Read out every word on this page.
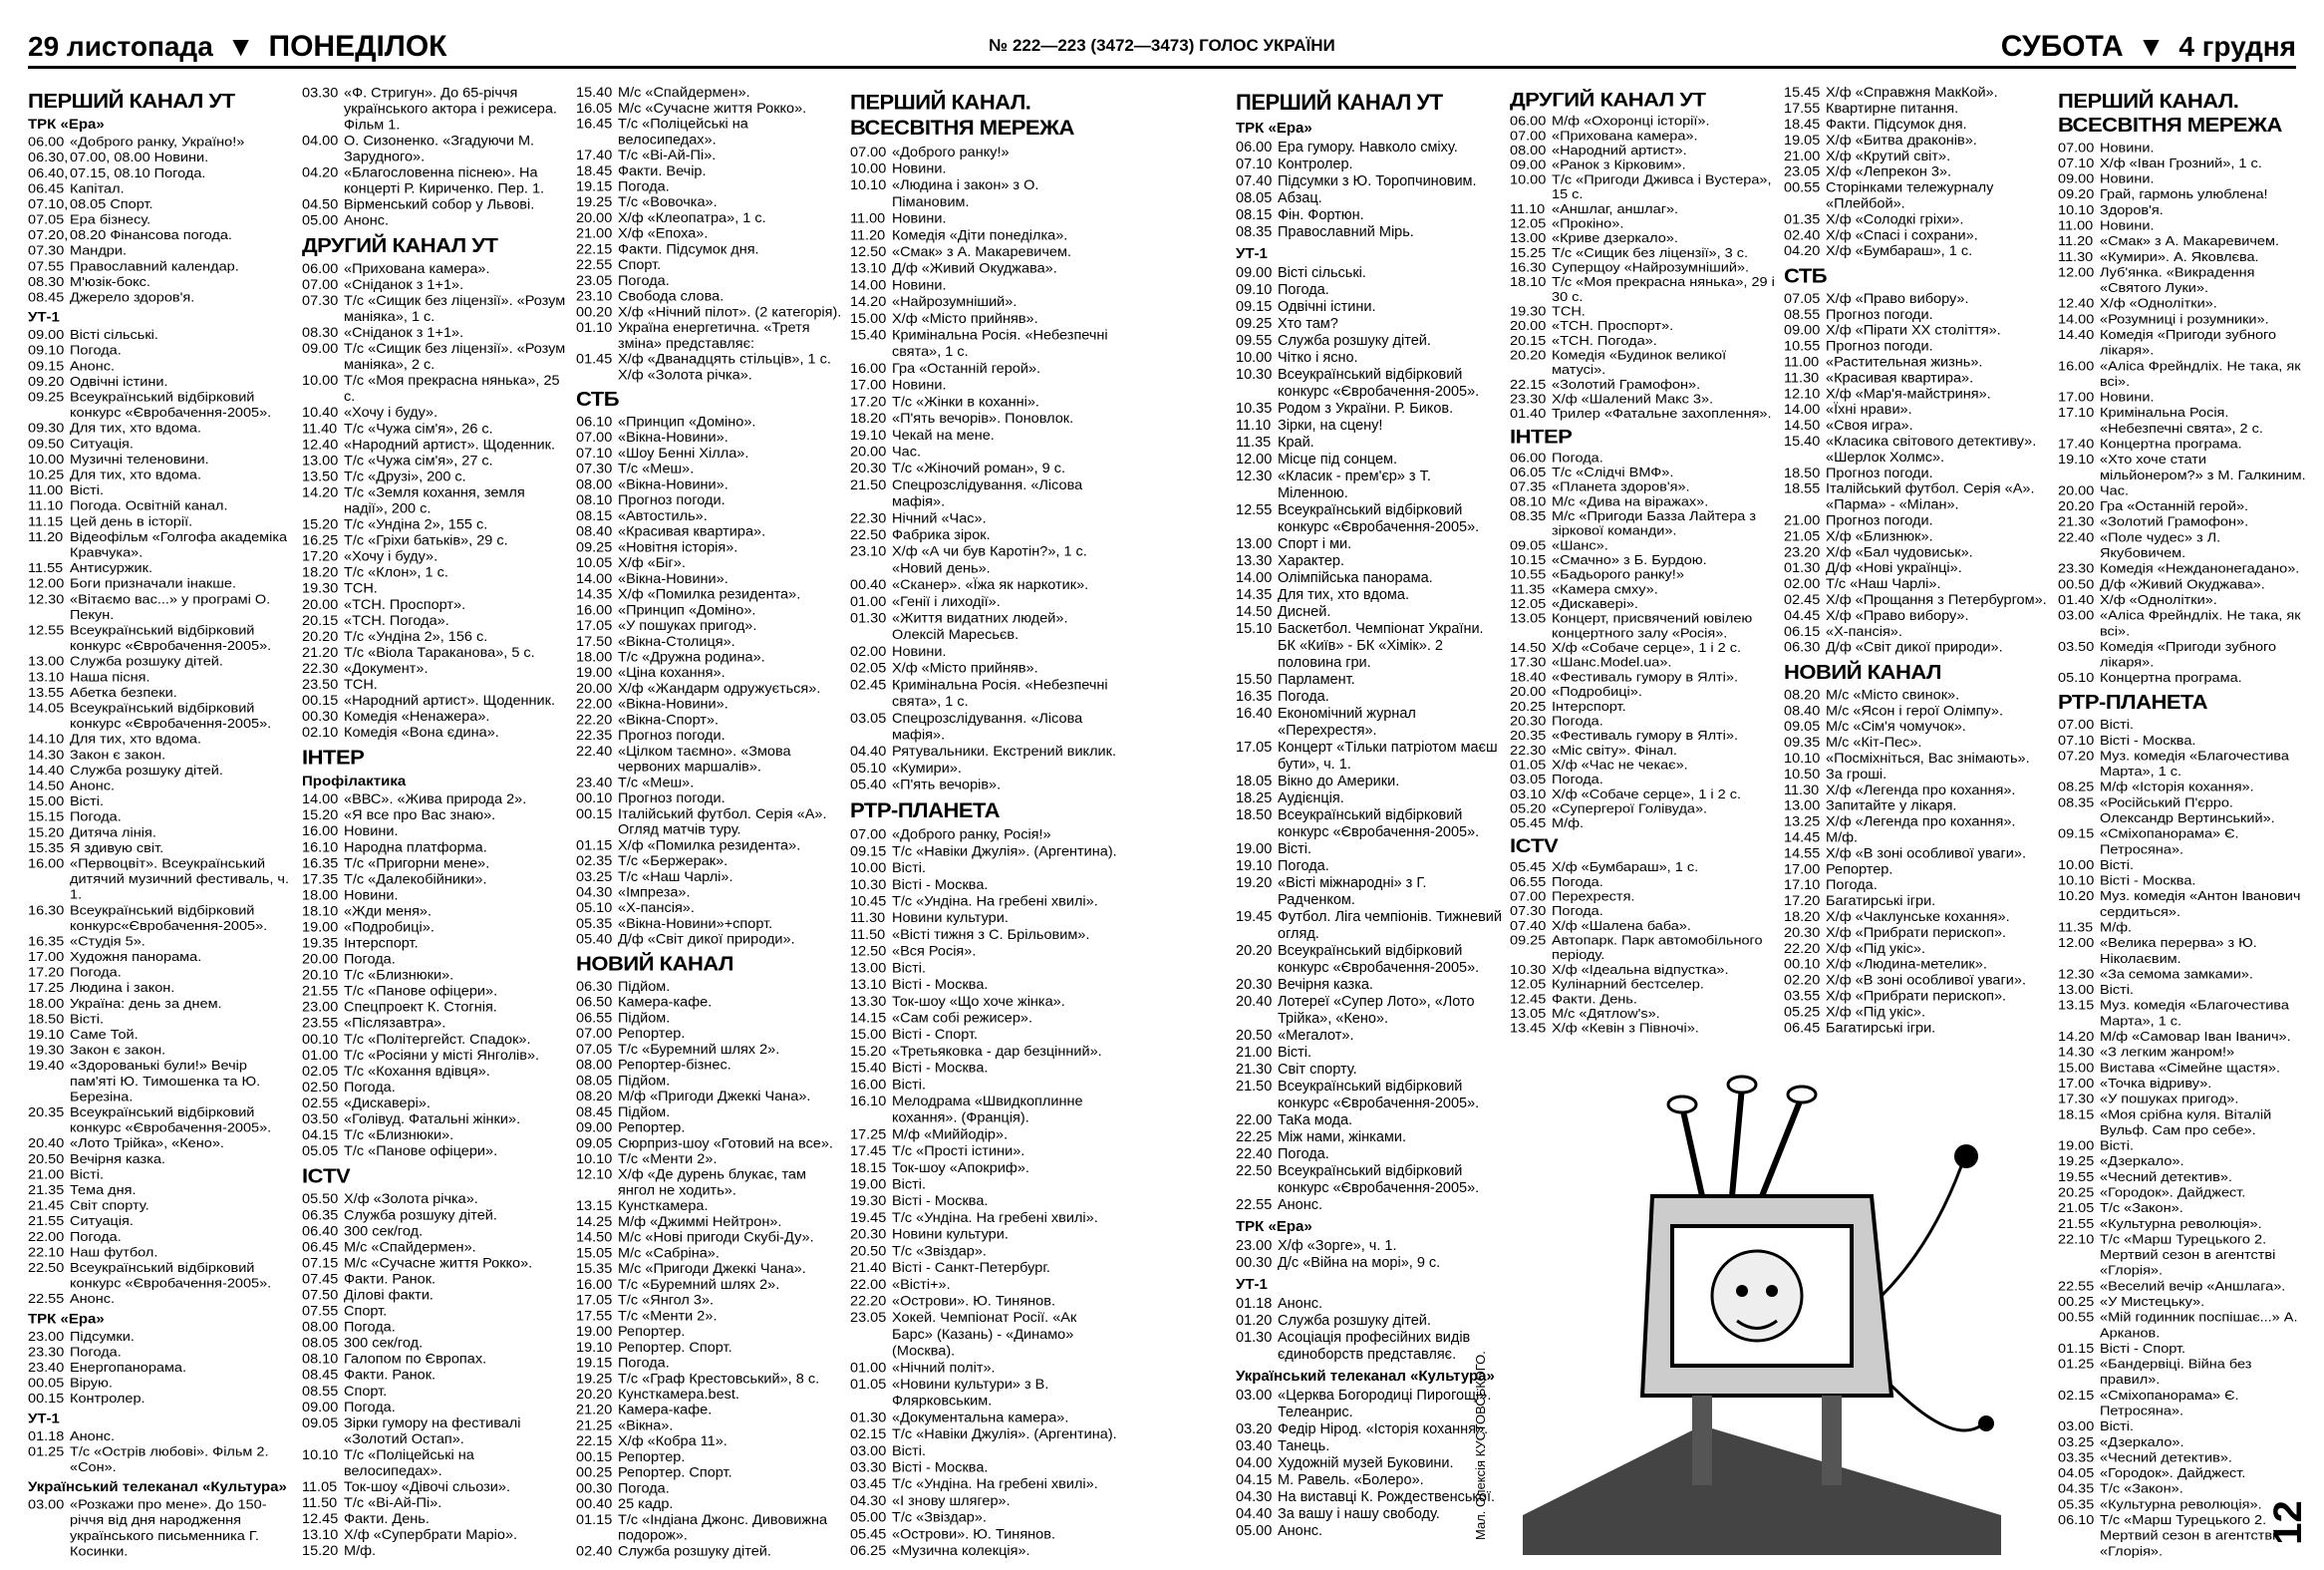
29 листопада ▼ ПОНЕДІЛОК	№ 222—223 (3472—3473) ГОЛОС УКРАЇНИ	СУБОТА ▼ 4 грудня
ПЕРШИЙ КАНАЛ УТ
ТРК «Ера»
06.00 «Доброго ранку, Україно!»
06.30, 07.00, 08.00 Новини.
06.40, 07.15, 08.10 Погода.
06.45 Капітал.
07.10, 08.05 Спорт.
07.05 Ера бізнесу.
07.20, 08.20 Фінансова погода.
07.30 Мандри.
07.55 Православний календар.
08.30 М'юзік-бокс.
08.45 Джерело здоров'я.
УТ-1
09.00 Вісті сільські.
09.10 Погода.
09.15 Анонс.
09.20 Одвічні істини.
09.25 Всеукраїнський відбірковий конкурс «Євробачення-2005».
09.30 Для тих, хто вдома.
09.50 Ситуація.
10.00 Музичні теленовини.
10.25 Для тих, хто вдома.
11.00 Вісті.
11.10 Погода. Освітній канал.
11.15 Цей день в історії.
11.20 Відеофільм «Голгофа академіка Кравчука».
11.55 Антисуржик.
12.00 Боги призначали інакше.
12.30 «Вітаємо вас...» у програмі О. Пекун.
12.55 Всеукраїнський відбірковий конкурс «Євробачення-2005».
13.00 Служба розшуку дітей.
13.10 Наша пісня.
13.55 Абетка безпеки.
14.05 Всеукраїнський відбірковий конкурс «Євробачення-2005».
14.10 Для тих, хто вдома.
14.30 Закон є закон.
14.40 Служба розшуку дітей.
14.50 Анонс.
15.00 Вісті.
15.15 Погода.
15.20 Дитяча лінія.
15.35 Я здивую світ.
16.00 «Первоцвіт». Всеукраїнський дитячий музичний фестиваль, ч. 1.
16.30 Всеукраїнський відбірковий конкурс«Євробачення-2005».
16.35 «Студія 5».
17.00 Художня панорама.
17.20 Погода.
17.25 Людина і закон.
18.00 Україна: день за днем.
18.50 Вісті.
19.10 Саме Той.
19.30 Закон є закон.
19.40 «Здорованькі були!» Вечір пам'яті Ю. Тимошенка та Ю. Березіна.
20.35 Всеукраїнський відбірковий конкурс «Євробачення-2005».
20.40 «Лото Трійка», «Кено».
20.50 Вечірня казка.
21.00 Вісті.
21.35 Тема дня.
21.45 Світ спорту.
21.55 Ситуація.
22.00 Погода.
22.10 Наш футбол.
22.50 Всеукраїнський відбірковий конкурс «Євробачення-2005».
22.55 Анонс.
ТРК «Ера»
23.00 Підсумки.
23.30 Погода.
23.40 Енергопанорама.
00.05 Вірую.
00.15 Контролер.
УТ-1
01.18 Анонс.
01.25 Т/с «Острів любові». Фільм 2. «Сон».
Український телеканал «Культура»
03.00 «Розкажи про мене». До 150-річчя від дня народження українського письменника Г. Косинки.
03.30 «Ф. Стригун». До 65-річчя українського актора і режисера. Фільм 1.
04.00 О. Сизоненко. «Згадуючи М. Зарудного».
04.20 «Благословенна піснею». На концерті Р. Кириченко. Пер. 1.
04.50 Вірменський собор у Львові.
05.00 Анонс.
ДРУГИЙ КАНАЛ УТ
06.00 «Прихована камера».
07.00 «Сніданок з 1+1».
07.30 Т/с «Сищик без ліцензії». «Розум маніяка», 1 с.
08.30 «Сніданок з 1+1».
09.00 Т/с «Сищик без ліцензії». «Розум маніяка», 2 с.
10.00 Т/с «Моя прекрасна нянька», 25 с.
10.40 «Хочу і буду».
11.40 Т/с «Чужа сім'я», 26 с.
12.40 «Народний артист». Щоденник.
13.00 Т/с «Чужа сім'я», 27 с.
13.50 Т/с «Друзі», 200 с.
14.20 Т/с «Земля кохання, земля надії», 200 с.
15.20 Т/с «Ундіна 2», 155 с.
16.25 Т/с «Гріхи батьків», 29 с.
17.20 «Хочу і буду».
18.20 Т/с «Клон», 1 с.
19.30 ТСН.
20.00 «ТСН. Проспорт».
20.15 «ТСН. Погода».
20.20 Т/с «Ундіна 2», 156 с.
21.20 Т/с «Віола Тараканова», 5 с.
22.30 «Документ».
23.50 ТСН.
00.15 «Народний артист». Щоденник.
00.30 Комедія «Ненажера».
02.10 Комедія «Вона єдина».
ІНТЕР
Профілактика
14.00 «ВВС». «Жива природа 2».
15.20 «Я все про Вас знаю».
16.00 Новини.
16.10 Народна платформа.
16.35 Т/с «Пригорни мене».
17.35 Т/с «Далекобійники».
18.00 Новини.
18.10 «Жди меня».
19.00 «Подробиці».
19.35 Інтерспорт.
20.00 Погода.
20.10 Т/с «Близнюки».
21.55 Т/с «Панове офіцери».
23.00 Спецпроект К. Стогнія.
23.55 «Післязавтра».
00.10 Т/с «Політергейст. Спадок».
01.00 Т/с «Росіяни у місті Янголів».
02.05 Т/с «Кохання вдівця».
02.50 Погода.
02.55 «Дискавері».
03.50 «Голівуд. Фатальні жінки».
04.15 Т/с «Близнюки».
05.05 Т/с «Панове офіцери».
ICTV
05.50 Х/ф «Золота річка».
06.35 Служба розшуку дітей.
06.40 300 сек/год.
06.45 М/с «Спайдермен».
07.15 М/с «Сучасне життя Рокко».
07.45 Факти. Ранок.
07.50 Ділові факти.
07.55 Спорт.
08.00 Погода.
08.05 300 сек/год.
08.10 Галопом по Європах.
08.45 Факти. Ранок.
08.55 Спорт.
09.00 Погода.
09.05 Зірки гумору на фестивалі «Золотий Остап».
10.10 Т/с «Поліцейські на велосипедах».
11.05 Ток-шоу «Дівочі сльози».
11.50 Т/с «Ві-Ай-Пі».
12.45 Факти. День.
13.10 Х/ф «Супербрати Маріо».
15.20 М/ф.
15.40 М/с «Спайдермен».
16.05 М/с «Сучасне життя Рокко».
16.45 Т/с «Поліцейські на велосипедах».
17.40 Т/с «Ві-Ай-Пі».
18.45 Факти. Вечір.
19.15 Погода.
19.25 Т/с «Вовочка».
20.00 Х/ф «Клеопатра», 1 с.
21.00 Х/ф «Епоха».
22.15 Факти. Підсумок дня.
22.55 Спорт.
23.05 Погода.
23.10 Свобода слова.
00.20 Х/ф «Нічний пілот». (2 категорія).
01.10 Україна енергетична. «Третя зміна» представляє:
01.45 Х/ф «Дванадцять стільців», 1 с. Х/ф «Золота річка».
СТБ
06.10 «Принцип «Доміно».
07.00 «Вікна-Новини».
07.10 «Шоу Бенні Хілла».
07.30 Т/с «Меш».
08.00 «Вікна-Новини».
08.10 Прогноз погоди.
08.15 «Автостиль».
08.40 «Красивая квартира».
09.25 «Новітня історія».
10.05 Х/ф «Біг».
14.00 «Вікна-Новини».
14.35 Х/ф «Помилка резидента».
16.00 «Принцип «Доміно».
17.05 «У пошуках пригод».
17.50 «Вікна-Столиця».
18.00 Т/с «Дружна родина».
19.00 «Ціна кохання».
20.00 Х/ф «Жандарм одружується».
22.00 «Вікна-Новини».
22.20 «Вікна-Спорт».
22.35 Прогноз погоди.
22.40 «Цілком таємно». «Змова червоних маршалів».
23.40 Т/с «Меш».
00.10 Прогноз погоди.
00.15 Італійський футбол. Серія «А». Огляд матчів туру.
01.15 Х/ф «Помилка резидента».
02.35 Т/с «Бержерак».
03.25 Т/с «Наш Чарлі».
04.30 «Імпреза».
05.10 «Х-пансія».
05.35 «Вікна-Новини»+спорт.
05.40 Д/ф «Світ дикої природи».
НОВИЙ КАНАЛ
06.30 Підйом.
06.50 Камера-кафе.
06.55 Підйом.
07.00 Репортер.
07.05 Т/с «Буремний шлях 2».
08.00 Репортер-бізнес.
08.05 Підйом.
08.20 М/ф «Пригоди Джеккі Чана».
08.45 Підйом.
09.00 Репортер.
09.05 Сюрприз-шоу «Готовий на все».
10.10 Т/с «Менти 2».
12.10 Х/ф «Де дурень блукає, там янгол не ходить».
13.15 Кунсткамера.
14.25 М/ф «Джиммі Нейтрон».
14.50 М/с «Нові пригоди Скубі-Ду».
15.05 М/с «Сабріна».
15.35 М/с «Пригоди Джеккі Чана».
16.00 Т/с «Буремний шлях 2».
17.05 Т/с «Янгол 3».
17.55 Т/с «Менти 2».
19.00 Репортер.
19.10 Репортер. Спорт.
19.15 Погода.
19.25 Т/с «Граф Крестовський», 8 с.
20.20 Кунсткамера.best.
21.20 Камера-кафе.
21.25 «Вікна».
22.15 Х/ф «Кобра 11».
00.15 Репортер.
00.25 Репортер. Спорт.
00.30 Погода.
00.40 25 кадр.
01.15 Т/с «Індіана Джонс. Дивовижна подорож».
02.40 Служба розшуку дітей.
ПЕРШИЙ КАНАЛ. ВСЕСВІТНЯ МЕРЕЖА
07.00 «Доброго ранку!»
10.00 Новини.
10.10 «Людина і закон» з О. Пімановим.
11.00 Новини.
11.20 Комедія «Діти понеділка».
12.50 «Смак» з А. Макаревичем.
13.10 Д/ф «Живий Окуджава».
14.00 Новини.
14.20 «Найрозумніший».
15.00 Х/ф «Місто прийняв».
15.40 Кримінальна Росія. «Небезпечні свята», 1 с.
16.00 Гра «Останній герой».
17.00 Новини.
17.20 Т/с «Жінки в коханні».
18.20 «П'ять вечорів». Поновлок.
19.10 Чекай на мене.
20.00 Час.
20.30 Т/с «Жіночий роман», 9 с.
21.50 Спецрозслідування. «Лісова мафія».
22.30 Нічний «Час».
22.50 Фабрика зірок.
23.10 Х/ф «А чи був Каротін?», 1 с. «Новий день».
00.40 «Сканер». «Їжа як наркотик».
01.00 «Генії і лиходії».
01.30 «Життя видатних людей». Олексій Маресьєв.
02.00 Новини.
02.05 Х/ф «Місто прийняв».
02.45 Кримінальна Росія. «Небезпечні свята», 1 с.
03.05 Спецрозслідування. «Лісова мафія».
04.40 Рятувальники. Екстрений виклик.
05.10 «Кумири».
05.40 «П'ять вечорів».
РТР-ПЛАНЕТА
07.00 «Доброго ранку, Росія!»
09.15 Т/с «Навіки Джулія». (Аргентина).
10.00 Вісті.
10.30 Вісті - Москва.
10.45 Т/с «Ундіна. На гребені хвилі».
11.30 Новини культури.
11.50 «Вісті тижня з С. Брільовим».
12.50 «Вся Росія».
13.00 Вісті.
13.10 Вісті - Москва.
13.30 Ток-шоу «Що хоче жінка».
14.15 «Сам собі режисер».
15.00 Вісті - Спорт.
15.20 «Третьяковка - дар безцінний».
15.40 Вісті - Москва.
16.00 Вісті.
16.10 Мелодрама «Швидкоплинне кохання». (Франція).
17.25 М/ф «Миййодір».
17.45 Т/с «Прості істини».
18.15 Ток-шоу «Апокриф».
19.00 Вісті.
19.30 Вісті - Москва.
19.45 Т/с «Ундіна. На гребені хвилі».
20.30 Новини культури.
20.50 Т/с «Звіздар».
21.40 Вісті - Санкт-Петербург.
22.00 «Вісті+».
22.20 «Острови». Ю. Тинянов.
23.05 Хокей. Чемпіонат Росії. «Ак Барс» (Казань) - «Динамо» (Москва).
01.00 «Нічний політ».
01.05 «Новини культури» з В. Флярковським.
01.30 «Документальна камера».
02.15 Т/с «Навіки Джулія». (Аргентина).
03.00 Вісті.
03.30 Вісті - Москва.
03.45 Т/с «Ундіна. На гребені хвилі».
04.30 «І знову шлягер».
05.00 Т/с «Звіздар».
05.45 «Острови». Ю. Тинянов.
06.25 «Музична колекція».
ПЕРШИЙ КАНАЛ УТ
ТРК «Ера»
06.00 Ера гумору. Навколо сміху.
07.10 Контролер.
07.40 Підсумки з Ю. Торопчиновим.
08.05 Абзац.
08.15 Фін. Фортюн.
08.35 Православний Мірь.
УТ-1
09.00 Вісті сільські.
09.10 Погода.
09.15 Одвічні істини.
09.25 Хто там?
09.55 Служба розшуку дітей.
10.00 Чітко і ясно.
10.30 Всеукраїнський відбірковий конкурс «Євробачення-2005».
10.35 Родом з України. Р. Биков.
11.10 Зірки, на сцену!
11.35 Край.
12.00 Місце під сонцем.
12.30 «Класик - прем'єр» з Т. Міленною.
12.55 Всеукраїнський відбірковий конкурс «Євробачення-2005».
13.00 Спорт і ми.
13.30 Характер.
14.00 Олімпійська панорама.
14.35 Для тих, хто вдома.
14.50 Дисней.
15.10 Баскетбол. Чемпіонат України. БК «Київ» - БК «Хімік». 2 половина гри.
15.50 Парламент.
16.35 Погода.
16.40 Економічний журнал «Перехрестя».
17.05 Концерт «Тільки патріотом маєш бути», ч. 1.
18.05 Вікно до Америки.
18.25 Аудієнція.
18.50 Всеукраїнський відбірковий конкурс «Євробачення-2005».
19.00 Вісті.
19.10 Погода.
19.20 «Вісті міжнародні» з Г. Радченком.
19.45 Футбол. Ліга чемпіонів. Тижневий огляд.
20.20 Всеукраїнський відбірковий конкурс «Євробачення-2005».
20.30 Вечірня казка.
20.40 Лотереї «Супер Лото», «Лото Трійка», «Кено».
20.50 «Мегалот».
21.00 Вісті.
21.30 Світ спорту.
21.50 Всеукраїнський відбірковий конкурс «Євробачення-2005».
22.00 ТаКа мода.
22.25 Між нами, жінками.
22.40 Погода.
22.50 Всеукраїнський відбірковий конкурс «Євробачення-2005».
22.55 Анонс.
ТРК «Ера»
23.00 Х/ф «Зорге», ч. 1.
00.30 Д/с «Війна на морі», 9 с.
УТ-1
01.18 Анонс.
01.20 Служба розшуку дітей.
01.30 Асоціація професійних видів єдиноборств представляє.
Український телеканал «Культура»
03.00 «Церква Богородиці Пирогощі». Телеанрис.
03.20 Федір Нірод. «Історія кохання».
03.40 Танець.
04.00 Художній музей Буковини.
04.15 М. Равель. «Болеро».
04.30 На виставці К. Рождественської.
04.40 За вашу і нашу свободу.
05.00 Анонс.
ДРУГИЙ КАНАЛ УТ
06.00 М/ф «Охоронці історії».
07.00 «Прихована камера».
08.00 «Народний артист».
09.00 «Ранок з Кірковим».
10.00 Т/с «Пригоди Дживса і Вустера», 15 с.
11.10 «Аншлаг, аншлаг».
12.05 «Прокіно».
13.00 «Криве дзеркало».
15.25 Т/с «Сищик без ліцензії», 3 с.
16.30 Суперщоу «Найрозумніший».
18.10 Т/с «Моя прекрасна нянька», 29 і 30 с.
19.30 ТСН.
20.00 «ТСН. Проспорт».
20.15 «ТСН. Погода».
20.20 Комедія «Будинок великої матусі».
22.15 «Золотий Грамофон».
23.30 Х/ф «Шалений Макс 3».
01.40 Трилер «Фатальне захоплення».
ІНТЕР
06.00 Погода.
06.05 Т/с «Слідчі ВМФ».
07.35 «Планета здоров'я».
08.10 М/с «Дива на віражах».
08.35 М/с «Пригоди Базза Лайтера з зіркової команди».
09.05 «Шанс».
10.15 «Смачно» з Б. Бурдою.
10.55 «Бадьорого ранку!»
11.35 «Камера смху».
12.05 «Дискавері».
13.05 Концерт, присвячений ювілею концертного залу «Росія».
14.50 Х/ф «Собаче серце», 1 і 2 с.
17.30 «Шанс.Model.ua».
18.40 «Фестиваль гумору в Ялті».
20.00 «Подробиці».
20.25 Інтерспорт.
20.30 Погода.
20.35 «Фестиваль гумору в Ялті».
22.30 «Міс світу». Фінал.
01.05 Х/ф «Час не чекає».
03.05 Погода.
03.10 Х/ф «Собаче серце», 1 і 2 с.
05.20 «Супергерої Голівуда».
05.45 М/ф.
ICTV
05.45 Х/ф «Бумбараш», 1 с.
06.55 Погода.
07.00 Перехрестя.
07.30 Погода.
07.40 Х/ф «Шалена баба».
09.25 Автопарк. Парк автомобільного періоду.
10.30 Х/ф «Ідеальна відпустка».
12.05 Кулінарний бестселер.
12.45 Факти. День.
13.05 М/с «Дятлоw's».
13.45 Х/ф «Кевін з Півночі».
15.45 Х/ф «Справжня МакКой».
17.55 Квартирне питання.
18.45 Факти. Підсумок дня.
19.05 Х/ф «Битва драконів».
21.00 Х/ф «Крутий світ».
23.05 Х/ф «Лепрекон 3».
00.55 Сторінками тележурналу «Плейбой».
01.35 Х/ф «Солодкі гріхи».
02.40 Х/ф «Спасі і сохрани».
04.20 Х/ф «Бумбараш», 1 с.
СТБ
07.05 Х/ф «Право вибору».
08.55 Прогноз погоди.
09.00 Х/ф «Пірати ХХ століття».
10.55 Прогноз погоди.
11.00 «Растительная жизнь».
11.30 «Красивая квартира».
12.10 Х/ф «Мар'я-майстриня».
14.00 «Їхні нрави».
14.50 «Своя игра».
15.40 «Класика світового детективу». «Шерлок Холмс».
18.50 Прогноз погоди.
18.55 Італійський футбол. Серія «А». «Парма» - «Мілан».
21.00 Прогноз погоди.
21.05 Х/ф «Близнюк».
23.20 Х/ф «Бал чудовиськ».
01.30 Д/ф «Нові українці».
02.00 Т/с «Наш Чарлі».
02.45 Х/ф «Прощання з Петербургом».
04.45 Х/ф «Право вибору».
06.15 «Х-пансія».
06.30 Д/ф «Світ дикої природи».
НОВИЙ КАНАЛ
08.20 М/с «Місто свинок».
08.40 М/с «Ясон і герої Олімпу».
09.05 М/с «Сім'я чомучок».
09.35 М/с «Кіт-Пес».
10.10 «Посміхніться, Вас знімають».
10.50 За гроші.
11.30 Х/ф «Легенда про кохання».
13.00 Запитайте у лікаря.
13.25 Х/ф «Легенда про кохання».
14.45 М/ф.
14.55 Х/ф «В зоні особливої уваги».
17.00 Репортер.
17.10 Погода.
17.20 Багатирські ігри.
18.20 Х/ф «Чаклунське кохання».
20.30 Х/ф «Прибрати перископ».
22.20 Х/ф «Під укіс».
00.10 Х/ф «Людина-метелик».
02.20 Х/ф «В зоні особливої уваги».
03.55 Х/ф «Прибрати перископ».
05.25 Х/ф «Під укіс».
06.45 Багатирські ігри.
ПЕРШИЙ КАНАЛ. ВСЕСВІТНЯ МЕРЕЖА
07.00 Новини.
07.10 Х/ф «Іван Грозний», 1 с.
09.00 Новини.
09.20 Грай, гармонь улюблена!
10.10 Здоров'я.
11.00 Новини.
11.20 «Смак» з А. Макаревичем.
11.30 «Кумири». А. Яковлєва.
12.00 Луб'янка. «Викрадення «Святого Луки».
12.40 Х/ф «Однолітки».
14.00 «Розумниці і розумники».
14.40 Комедія «Пригоди зубного лікаря».
16.00 «Аліса Фрейндліх. Не така, як всі».
17.00 Новини.
17.10 Кримінальна Росія. «Небезпечні свята», 2 с.
17.40 Концертна програма.
19.10 «Хто хоче стати мільйонером?» з М. Галкиним.
20.00 Час.
20.20 Гра «Останній герой».
21.30 «Золотий Грамофон».
22.40 «Поле чудес» з Л. Якубовичем.
23.30 Комедія «Нежданонегадано».
00.50 Д/ф «Живий Окуджава».
01.40 Х/ф «Однолітки».
03.00 «Аліса Фрейндліх. Не така, як всі».
03.50 Комедія «Пригоди зубного лікаря».
05.10 Концертна програма.
РТР-ПЛАНЕТА
07.00 Вісті.
07.10 Вісті - Москва.
07.20 Муз. комедія «Благочестива Марта», 1 с.
08.25 М/ф «Історія кохання».
08.35 «Російський П'єрро. Олександр Вертинський».
09.15 «Сміхопанорама» Є. Петросяна».
10.00 Вісті.
10.10 Вісті - Москва.
10.20 Муз. комедія «Антон Іванович сердиться».
11.35 М/ф.
12.00 «Велика перерва» з Ю. Ніколаєвим.
12.30 «За семома замками».
13.00 Вісті.
13.15 Муз. комедія «Благочестива Марта», 1 с.
14.20 М/ф «Самовар Іван Іванич».
14.30 «З легким жанром!»
15.00 Вистава «Сімейне щастя».
17.00 «Точка відриву».
17.30 «У пошуках пригод».
18.15 «Моя срібна куля. Віталій Вульф. Сам про себе».
19.00 Вісті.
19.25 «Дзеркало».
19.55 «Чесний детектив».
20.25 «Городок». Дайджест.
21.05 Т/с «Закон».
21.55 «Культурна революція».
22.10 Т/с «Марш Турецького 2. Мертвий сезон в агентстві «Глорія».
22.55 «Веселий вечір «Аншлага».
00.25 «У Мистецьку».
00.55 «Мій годинник поспішає...» А. Арканов.
01.15 Вісті - Спорт.
01.25 «Бандервіці. Війна без правил».
02.15 «Сміхопанорама» Є. Петросяна».
03.00 Вісті.
03.25 «Дзеркало».
03.35 «Чесний детектив».
04.05 «Городок». Дайджест.
04.35 Т/с «Закон».
05.35 «Культурна революція».
06.10 Т/с «Марш Турецького 2. Мертвий сезон в агентстві «Глорія».
Мал. Олексія КУСТОВСЬКОГО.	12
